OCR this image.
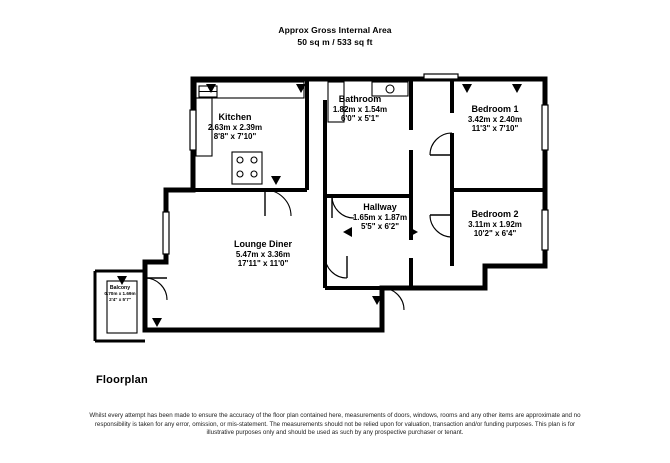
Approx Gross Internal Area
50 sq m / 533 sq ft
Kitchen
2.63m x 2.39m
8'8" x 7'10"
Bathroom
1.82m x 1.54m
6'0" x 5'1"
Bedroom 1
3.42m x 2.40m
11'3" x 7'10"
Bedroom 2
3.11m x 1.92m
10'2" x 6'4"
Hallway
1.65m x 1.87m
5'5" x 6'2"
Lounge Diner
5.47m x 3.36m
17'11" x 11'0"
Balcony
0.70m x 1.69m
2'4" x 5'7"
Floorplan
Whilst every attempt has been made to ensure the accuracy of the floor plan contained here, measurements of doors, windows, rooms and any other items are approximate and no responsibility is taken for any error, omission, or mis-statement. The measurements should not be relied upon for valuation, transaction and/or funding purposes. This plan is for illustrative purposes only and should be used as such by any prospective purchaser or tenant.
